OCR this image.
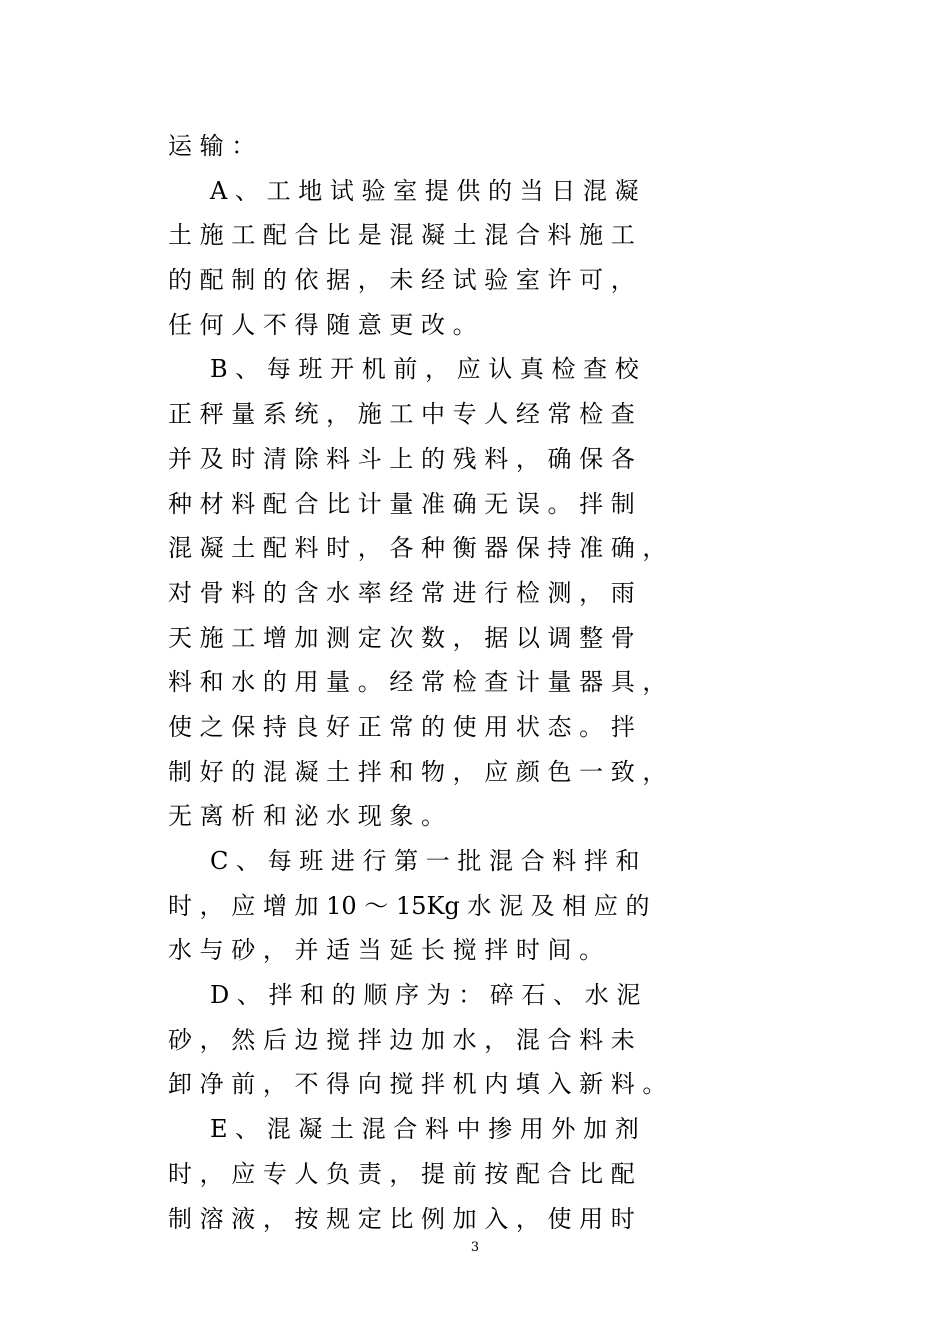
运 输 ：
A 、 工 地 试 验 室 提 供 的 当 日 混 凝
土 施 工 配 合 比 是 混 凝 土 混 合 料 施 工
的 配 制 的 依 据 ， 未 经 试 验 室 许 可 ，
任 何 人 不 得 随 意 更 改 。
B 、 每 班 开 机 前 ， 应 认 真 检 查 校
正 秤 量 系 统 ， 施 工 中 专 人 经 常 检 查
并 及 时 清 除 料 斗 上 的 残 料 ， 确 保 各
种 材 料 配 合 比 计 量 准 确 无 误 。 拌 制
混 凝 土 配 料 时 ， 各 种 衡 器 保 持 准 确 ，
对 骨 料 的 含 水 率 经 常 进 行 检 测 ， 雨
天 施 工 增 加 测 定 次 数 ， 据 以 调 整 骨
料 和 水 的 用 量 。 经 常 检 查 计 量 器 具 ，
使 之 保 持 良 好 正 常 的 使 用 状 态 。 拌
制 好 的 混 凝 土 拌 和 物 ， 应 颜 色 一 致 ，
无 离 析 和 泌 水 现 象 。
C 、 每 班 进 行 第 一 批 混 合 料 拌 和
时 ， 应 增 加 10 ～ 15Kg 水 泥 及 相 应 的
水 与 砂 ， 并 适 当 延 长 搅 拌 时 间 。
D 、 拌 和 的 顺 序 为 ： 碎 石 、 水 泥
砂 ， 然 后 边 搅 拌 边 加 水 ， 混 合 料 未
卸 净 前 ， 不 得 向 搅 拌 机 内 填 入 新 料 。
E 、 混 凝 土 混 合 料 中 掺 用 外 加 剂
时 ， 应 专 人 负 责 ， 提 前 按 配 合 比 配
制 溶 液 ， 按 规 定 比 例 加 入 ， 使 用 时
3
